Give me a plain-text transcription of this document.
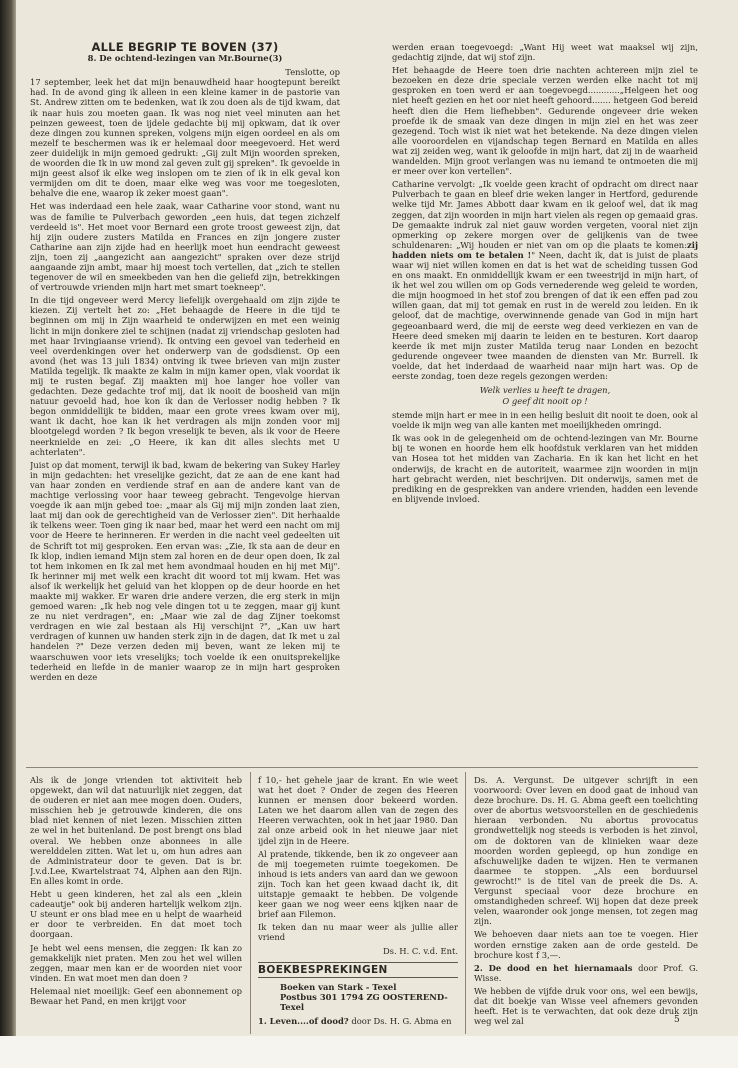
ALLE BEGRIP TE BOVEN (37)
8. De ochtend-lezingen van Mr.Bourne(3)
Tenslotte, op

17 september, leek het dat mijn benauwdheid haar hoogtepunt bereikt had. In de avond ging ik alleen in een kleine kamer in de pastorie van St. Andrew zitten om te bedenken, wat ik zou doen als de tijd kwam, dat ik naar huis zou moeten gaan. Ik was nog niet veel minuten aan het peinzen geweest, toen de ijdele gedachte bij mij opkwam, dat ik over deze dingen zou kunnen spreken, volgens mijn eigen oordeel en als om mezelf te beschermen was ik er helemaal door meegevoerd. Het werd zeer duidelijk in mijn gemoed gedrukt: „Gij zult Mijn woorden spreken, de woorden die Ik in uw mond zal geven zult gij spreken". Ik gevoelde in mijn geest alsof ik elke weg inslopen om te zien of ik in elk geval kon vermijden om dit te doen, maar elke weg was voor me toegesloten, behalve die ene, waarop ik zeker moest gaan".

Het was inderdaad een hele zaak, waar Catharine voor stond, want nu was de familie te Pulverbach geworden „een huis, dat tegen zichzelf verdeeld is". Het moet voor Bernard een grote troost geweest zijn, dat hij zijn oudere zusters Matilda en Frances en zijn jongere zuster Catharine aan zijn zijde had en heerlijk moet hun eendracht geweest zijn, toen zij „aangezicht aan aangezicht" spraken over deze strijd aangaande zijn ambt, maar hij moest toch vertellen, dat „zich te stellen tegenover de wil en smeekbeden van hen die geliefd zijn, betrekkingen of vertrouwde vrienden mijn hart met smart toekneep".

In die tijd ongeveer werd Mercy liefelijk overgehaald om zijn zijde te kiezen. Zij vertelt het zo: „Het behaagde de Heere in die tijd te beginnen om mij in Zijn waarheid te onderwijzen en met een weinig licht in mijn donkere ziel te schijnen (nadat zij vriendschap gesloten had met haar Irvingiaanse vriend). Ik ontving een gevoel van tederheid en veel overdenkingen over het onderwerp van de godsdienst. Op een avond (het was 13 juli 1834) ontving ik twee brieven van mijn zuster Matilda tegelijk. Ik maakte ze kalm in mijn kamer open, vlak voordat ik mij te rusten begaf. Zij maakten mij hoe langer hoe voller van gedachten. Deze gedachte trof mij, dat ik nooit de boosheid van mijn natuur gevoeld had, hoe kon ik dan de Verlosser nodig hebben ? Ik begon onmiddellijk te bidden, maar een grote vrees kwam over mij, want ik dacht, hoe kan ik het verdragen als mijn zonden voor mij blootgelegd worden ? Ik begon vreselijk te beven, als ik voor de Heere neerknielde en zei: „O Heere, ik kan dit alles slechts met U achterlaten".

Juist op dat moment, terwijl ik bad, kwam de bekering van Sukey Harley in mijn gedachten: het vreselijke gezicht, dat ze aan de ene kant had van haar zonden en verdiende straf en aan de andere kant van de machtige verlossing voor haar teweeg gebracht. Tengevolge hiervan voegde ik aan mijn gebed toe: „maar als Gij mij mijn zonden laat zien, laat mij dan ook de gerechtigheid van de Verlosser zien". Dit herhaalde ik telkens weer. Toen ging ik naar bed, maar het werd een nacht om mij voor de Heere te herinneren. Er werden in die nacht veel gedeelten uit de Schrift tot mij gesproken. Een ervan was: „Zie, Ik sta aan de deur en Ik klop, indien iemand Mijn stem zal horen en de deur open doen, Ik zal tot hem inkomen en Ik zal met hem avondmaal houden en hij met Mij". Ik herinner mij met welk een kracht dit woord tot mij kwam. Het was alsof ik werkelijk het geluid van het kloppen op de deur hoorde en het maakte mij wakker. Er waren drie andere verzen, die erg sterk in mijn gemoed waren: „Ik heb nog vele dingen tot u te zeggen, maar gij kunt ze nu niet verdragen", en: „Maar wie zal de dag Zijner toekomst verdragen en wie zal bestaan als Hij verschijnt ?", „Kan uw hart verdragen of kunnen uw handen sterk zijn in de dagen, dat Ik met u zal handelen ?" Deze verzen deden mij beven, want ze leken mij te waarschuwen voor iets vreselijks; toch voelde ik een onuitsprekelijke tederheid en liefde in de manier waarop ze in mijn hart gesproken werden en deze

werden eraan toegevoegd: „Want Hij weet wat maaksel wij zijn, gedachtig zijnde, dat wij stof zijn.

Het behaagde de Heere toen drie nachten achtereen mijn ziel te bezoeken en deze drie speciale verzen werden elke nacht tot mij gesproken en toen werd er aan toegevoegd............„Helgeen het oog niet heeft gezien en het oor niet heeft gehoord....... hetgeen God bereid heeft dien die Hem liefhebben". Gedurende ongeveer drie weken proefde ik de smaak van deze dingen in mijn ziel en het was zeer gezegend. Toch wist ik niet wat het betekende. Na deze dingen vielen alle vooroordelen en vijandschap tegen Bernard en Matilda en alles wat zij zeiden weg, want ik geloofde in mijn hart, dat zij in de waarheid wandelden. Mijn groot verlangen was nu iemand te ontmoeten die mij er meer over kon vertellen".

Catharine vervolgt: „Ik voelde geen kracht of opdracht om direct naar Pulverbach te gaan en bleef drie weken langer in Hertford, gedurende welke tijd Mr. James Abbott daar kwam en ik geloof wel, dat ik mag zeggen, dat zijn woorden in mijn hart vielen als regen op gemaaid gras. De gemaakte indruk zal niet gauw worden vergeten, vooral niet zijn opmerking op zekere morgen over de gelijkenis van de twee schuldenaren: „Wij houden er niet van om op die plaats te komen:zij hadden niets om te betalen !" Neen, dacht ik, dat is juist de plaats waar wij niet willen komen en dat is het wat de scheiding tussen God en ons maakt. En onmiddellijk kwam er een tweestrijd in mijn hart, of ik het wel zou willen om op Gods vernederende weg geleid te worden, die mijn hoogmoed in het stof zou brengen of dat ik een effen pad zou willen gaan, dat mij tot gemak en rust in de wereld zou leiden. En ik geloof, dat de machtige, overwinnende genade van God in mijn hart gegeoanbaard werd, die mij de eerste weg deed verkiezen en van de Heere deed smeken mij daarin te leiden en te besturen. Kort daarop keerde ik met mijn zuster Matilda terug naar Londen en bezocht gedurende ongeveer twee maanden de diensten van Mr. Burrell. Ik voelde, dat het inderdaad de waarheid naar mijn hart was. Op de eerste zondag, toen deze regels gezongen werden:

Welk verlies u heeft te dragen,
O geef dit nooit op !

stemde mijn hart er mee in in een heilig besluit dit nooit te doen, ook al voelde ik mijn weg van alle kanten met moeilijkheden omringd.

Ik was ook in de gelegenheid om de ochtend-lezingen van Mr. Bourne bij te wonen en hoorde hem elk hoofdstuk verklaren van het midden van Hosea tot het midden van Zacharia. En ik kan het licht en het onderwijs, de kracht en de autoriteit, waarmee zijn woorden in mijn hart gebracht werden, niet beschrijven. Dit onderwijs, samen met de prediking en de gesprekken van andere vrienden, hadden een levende en blijvende invloed.

Als ik de jonge vrienden tot aktiviteit heb opgewekt, dan wil dat natuurlijk niet zeggen, dat de ouderen er niet aan mee mogen doen. Ouders, misschien heb je getrouwde kinderen, die ons blad niet kennen of niet lezen. Misschien zitten ze wel in het buitenland. De post brengt ons blad overal. We hebben onze abonnees in alle werelddelen zitten. Wat let u, om hun adres aan de Administrateur door te geven. Dat is br. J.v.d.Lee, Kwartelstraat 74, Alphen aan den Rijn. En alles komt in orde.

Hebt u geen kinderen, het zal als een „klein cadeautje" ook bij anderen hartelijk welkom zijn. U steunt er ons blad mee en u helpt de waarheid er door te verbreiden. En dat moet toch doorgaan.

Je hebt wel eens mensen, die zeggen: Ik kan zo gemakkelijk niet praten. Men zou het wel willen zeggen, maar men kan er de woorden niet voor vinden. En wat moet men dan doen ?

Helemaal niet moeilijk: Geef een abonnement op Bewaar het Pand, en men krijgt voor

f 10,- het gehele jaar de krant. En wie weet wat het doet ? Onder de zegen des Heeren kunnen er mensen door bekeerd worden. Laten we het daarom allen van de zegen des Heeren verwachten, ook in het jaar 1980. Dan zal onze arbeid ook in het nieuwe jaar niet ijdel zijn in de Heere.

Al pratende, tikkende, ben ik zo ongeveer aan de mij toegemeten ruimte toegekomen. De inhoud is iets anders van aard dan we gewoon zijn. Toch kan het geen kwaad dacht ik, dit uitstapje gemaakt te hebben. De volgende keer gaan we nog weer eens kijken naar de brief aan Filemon.

Ik teken dan nu maar weer als jullie aller vriend

Ds. H. C. v.d. Ent.
BOEKBESPREKINGEN
Boeken van Stark - Texel
Postbus 301 1794 ZG OOSTEREND-
Texel

1. Leven....of dood? door Ds. H. G. Abma en

Ds. A. Vergunst. De uitgever schrijft in een voorwoord: Over leven en dood gaat de inhoud van deze brochure. Ds. H. G. Abma geeft een toelichting over de abortus wetsvoorstellen en de geschiedenis hieraan verbonden. Nu abortus provocatus grondwettelijk nog steeds is verboden is het zinvol, om de doktoren van de klinieken waar deze moorden worden gepleegd, op hun zondige en afschuwelijke daden te wijzen. Hen te vermanen daarmee te stoppen. „Als een borduursel gewrocht!" is de titel van de preek die Ds. A. Vergunst speciaal voor deze brochure en omstandigheden schreef. Wij hopen dat deze preek velen, waaronder ook jonge mensen, tot zegen mag zijn.

We behoeven daar niets aan toe te voegen. Hier worden ernstige zaken aan de orde gesteld. De brochure kost f 3,—.

2. De dood en het hiernamaals door Prof. G. Wisse.

We hebben de vijfde druk voor ons, wel een bewijs, dat dit boekje van Wisse veel afnemers gevonden heeft. Het is te verwachten, dat ook deze druk zijn weg wel zal	5
